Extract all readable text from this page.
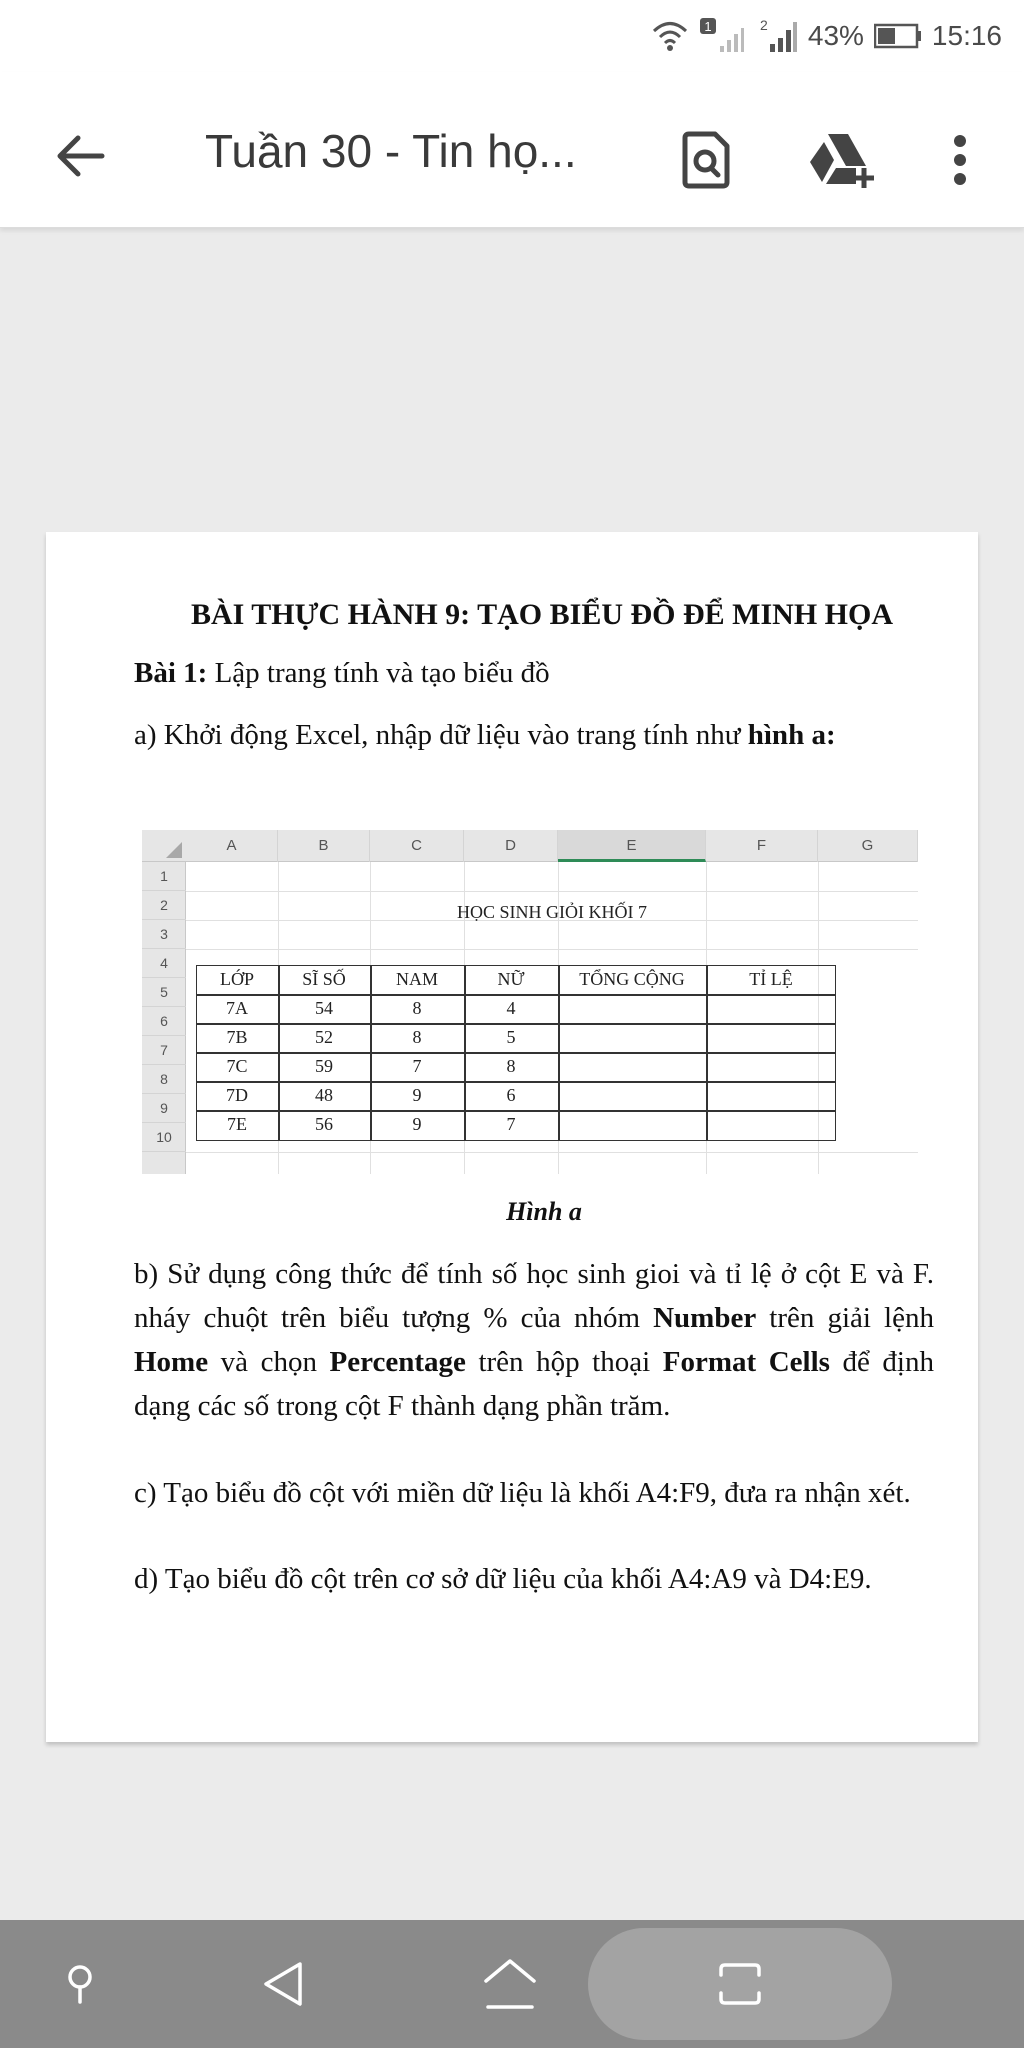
1	2 43% 15:16
Tuần 30 - Tin họ...
BÀI THỰC HÀNH 9: TẠO BIỂU ĐỒ ĐỂ MINH HỌA
Bài 1: Lập trang tính và tạo biểu đồ
a) Khởi động Excel, nhập dữ liệu vào trang tính như hình a:
A	B	C	D	E	F	G
1
2
3
4
5
6
7
8
9
10
HỌC SINH GIỎI KHỐI 7
LỚP	SĨ SỐ	NAM	NỮ	TỔNG CỘNG	TỈ LỆ
7A	54	8	4
7B	52	8	5
7C	59	7	8
7D	48	9	6
7E	56	9	7
Hình a
b) Sử dụng công thức để tính số học sinh gioi và tỉ lệ ở cột E và F. nháy chuột trên biểu tượng % của nhóm Number trên giải lệnh Home và chọn Percentage trên hộp thoại Format Cells để định dạng các số trong cột F thành dạng phần trăm.
c) Tạo biểu đồ cột với miền dữ liệu là khối A4:F9, đưa ra nhận xét.
d) Tạo biểu đồ cột trên cơ sở dữ liệu của khối A4:A9 và D4:E9.
